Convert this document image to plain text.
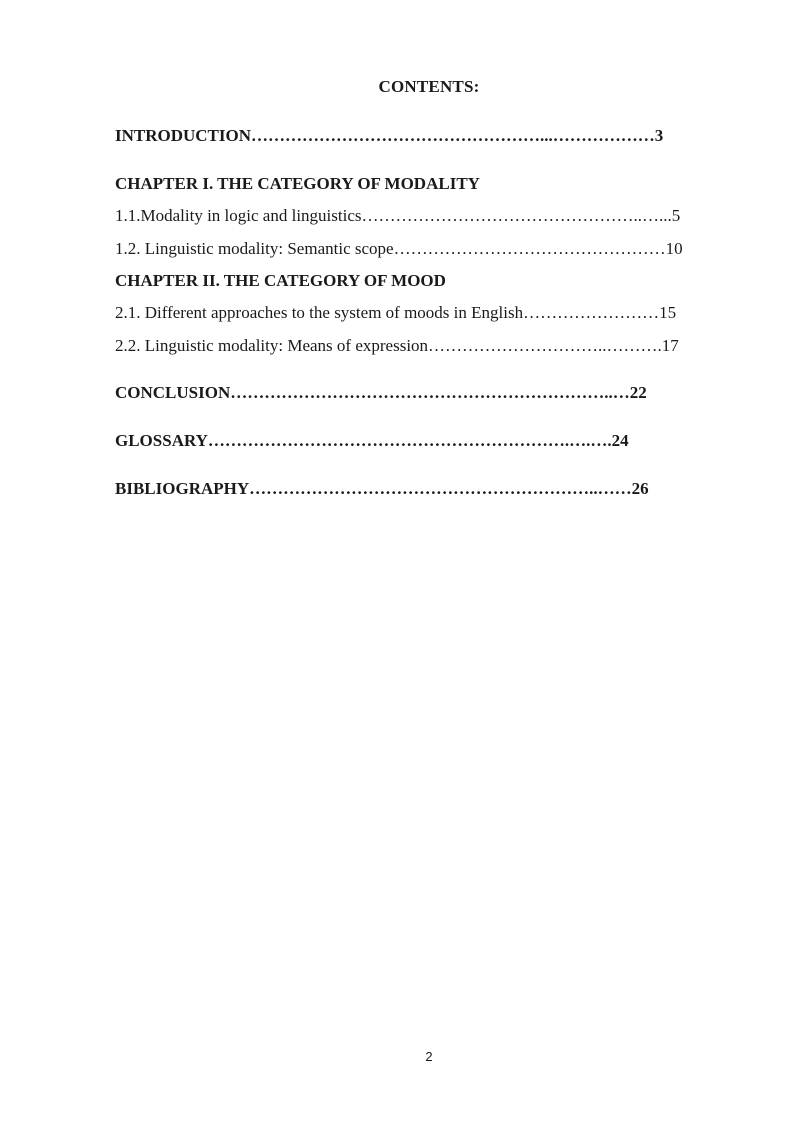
CONTENTS:
INTRODUCTION……………………………………………...………………3
CHAPTER I. THE CATEGORY OF MODALITY
1.1.Modality in logic and linguistics…………………………………………..…...5
1.2. Linguistic modality: Semantic scope…………………………………………10
CHAPTER II. THE CATEGORY OF MOOD
2.1. Different approaches to the system of moods in English……………………15
2.2. Linguistic modality: Means of expression…………………………..……….17
CONCLUSION…………………………………………………………..…22
GLOSSARY……………………………………………………….….….24
BIBLIOGRAPHY……………………………………………………..……26
2
